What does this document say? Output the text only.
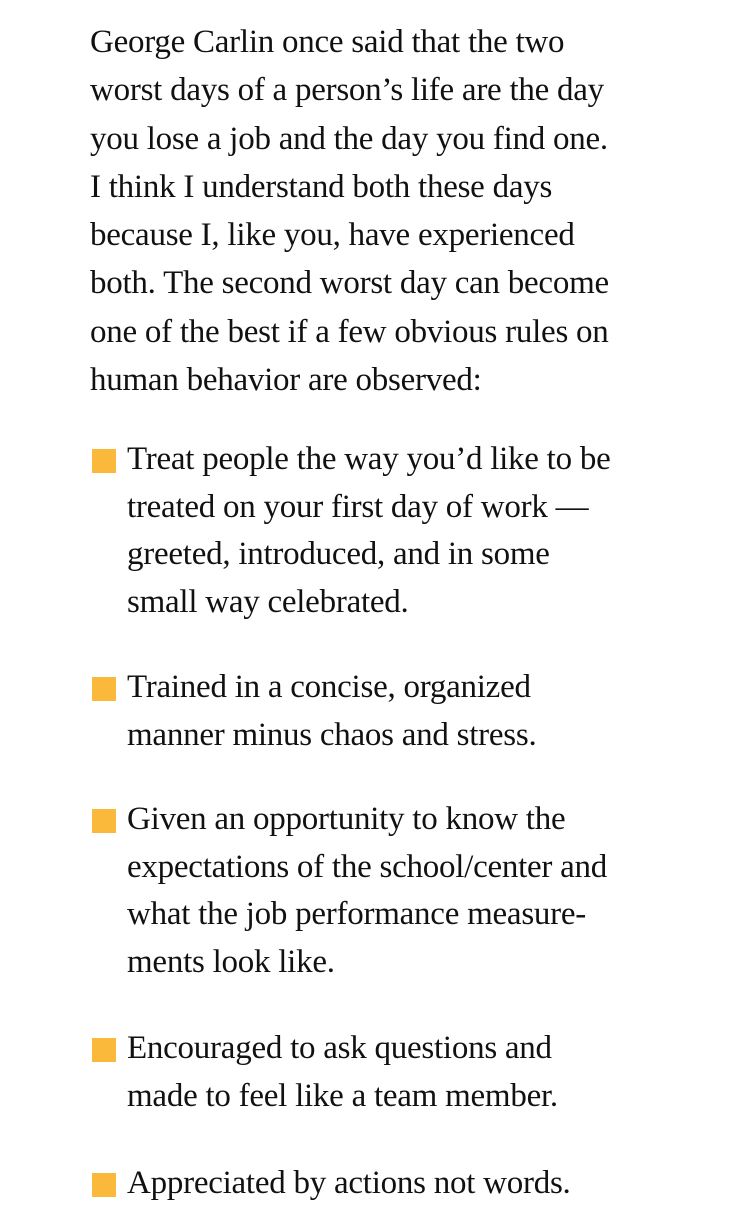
George Carlin once said that the two
worst days of a person’s life are the day
you lose a job and the day you find one.
I think I understand both these days
because I, like you, have experienced
both. The second worst day can become
one of the best if a few obvious rules on
human behavior are observed:

Treat people the way you’d like to be
treated on your first day of work —
greeted, introduced, and in some
small way celebrated.
Trained in a concise, organized
manner minus chaos and stress.
Given an opportunity to know the
expectations of the school/center and
what the job performance measure-
ments look like.
Encouraged to ask questions and
made to feel like a team member.
Appreciated by actions not words.
